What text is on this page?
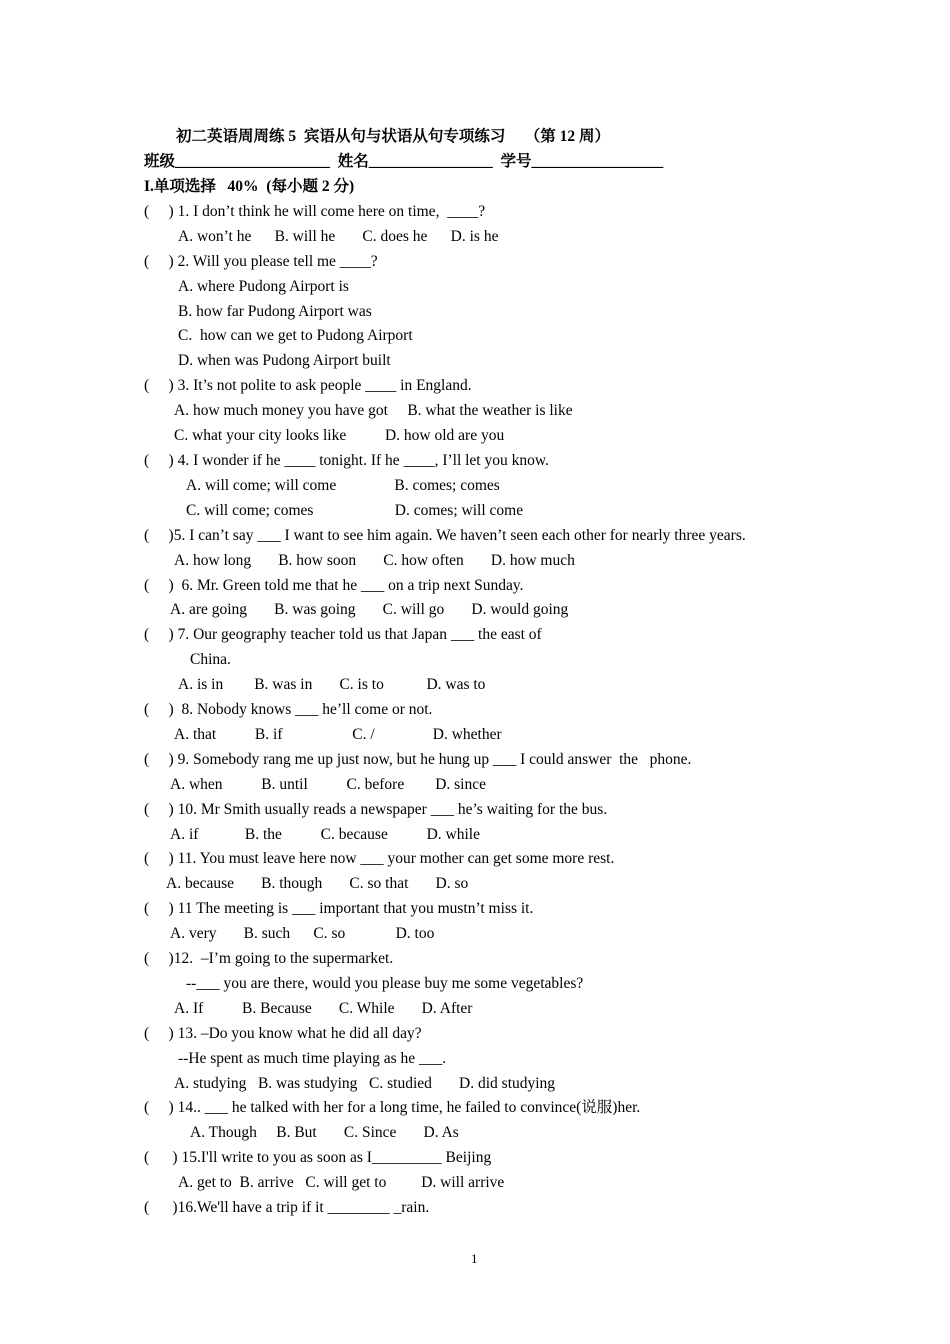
初二英语周周练 5  宾语从句与状语从句专项练习     （第 12 周）
班级____________________  姓名________________  学号_________________
I.单项选择   40%  (每小题 2 分)
(     ) 1. I don’t think he will come here on time,  ____?
A. won’t he      B. will he       C. does he      D. is he
(     ) 2. Will you please tell me ____?
A. where Pudong Airport is
B. how far Pudong Airport was
C.  how can we get to Pudong Airport
D. when was Pudong Airport built
(     ) 3. It’s not polite to ask people ____ in England.
A. how much money you have got     B. what the weather is like
C. what your city looks like          D. how old are you
(     ) 4. I wonder if he ____ tonight. If he ____, I’ll let you know.
A. will come; will come               B. comes; comes
C. will come; comes                     D. comes; will come
(     )5. I can’t say ___ I want to see him again. We haven’t seen each other for nearly three years.
A. how long       B. how soon       C. how often       D. how much
(     )  6. Mr. Green told me that he ___ on a trip next Sunday.
A. are going       B. was going       C. will go       D. would going
(     ) 7. Our geography teacher told us that Japan ___ the east of
China.
A. is in        B. was in       C. is to           D. was to
(     )  8. Nobody knows ___ he’ll come or not.
A. that          B. if                  C. /               D. whether
(     ) 9. Somebody rang me up just now, but he hung up ___ I could answer  the   phone.
A. when          B. until          C. before        D. since
(     ) 10. Mr Smith usually reads a newspaper ___ he’s waiting for the bus.
A. if            B. the          C. because          D. while
(     ) 11. You must leave here now ___ your mother can get some more rest.
A. because       B. though       C. so that       D. so
(     ) 11 The meeting is ___ important that you mustn’t miss it.
A. very       B. such      C. so             D. too
(     )12.  –I’m going to the supermarket.
--___ you are there, would you please buy me some vegetables?
A. If          B. Because       C. While       D. After
(     ) 13. –Do you know what he did all day?
--He spent as much time playing as he ___.
A. studying   B. was studying   C. studied       D. did studying
(     ) 14.. ___ he talked with her for a long time, he failed to convince(说服)her.
A. Though     B. But       C. Since       D. As
(      ) 15.I'll write to you as soon as I_________ Beijing
A. get to  B. arrive   C. will get to         D. will arrive
(      )16.We'll have a trip if it ________ _rain.
1
